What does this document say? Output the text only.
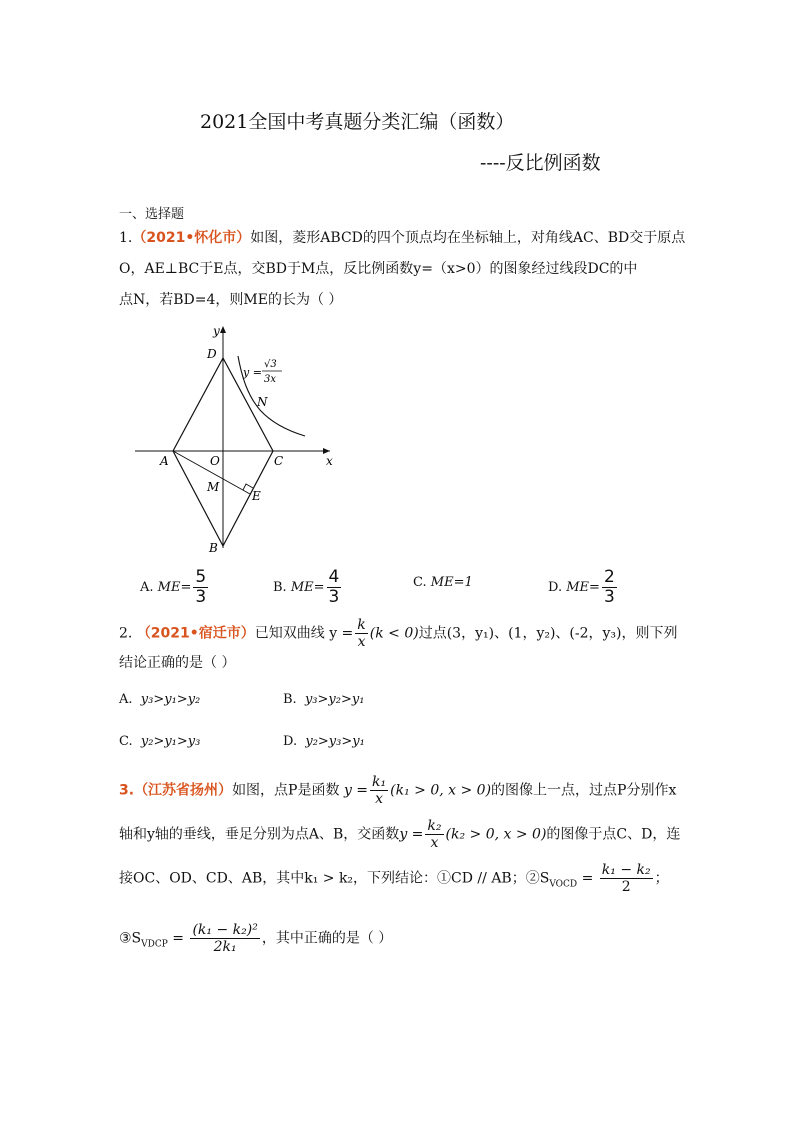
2021全国中考真题分类汇编（函数）
----反比例函数
一、选择题
1.（2021•怀化市）如图，菱形ABCD的四个顶点均在坐标轴上，对角线AC、BD交于原点
O，AE⊥BC于E点，交BD于M点，反比例函数y=（x>0）的图象经过线段DC的中
点N，若BD=4，则ME的长为（ ）
D
y
x
A	O	C
M
E
N
B
y =
√3
3x
A. $ME= \frac{5}{3}$	B. $ME= \frac{4}{3}$	C. ME=1	D. $ME= \frac{2}{3}$
2. （2021•宿迁市）已知双曲线 $y = \frac{k}{x} (k < 0)$过点(3，y₁)、(1，y₂)、(-2，y₃)，则下列
结论正确的是（ ）
A. y₃>y₁>y₂	B. y₃>y₂>y₁
C. y₂>y₁>y₃	D. y₂>y₃>y₁
3.（江苏省扬州）如图，点P是函数 $y = \frac{\text{k₁}}{x} (k_1 > 0$, x > 0)的图像上一点，过点P分别作x
轴和y轴的垂线，垂足分别为点A、B，交函数$y = \frac{\text{k₂}}{x} (k_2 > 0$, x > 0)的图像于点C、D，连
接OC、OD、CD、AB，其中k₁ > k₂，下列结论：①CD // AB；$②S_{VOCD} = \frac{\text{k₁ − k₂}}{2}$ ；
$③S_{VDCP} = \frac{\text{(k₁ − k₂)²}}{\text{2k₁}}$ ，其中正确的是（ ）
